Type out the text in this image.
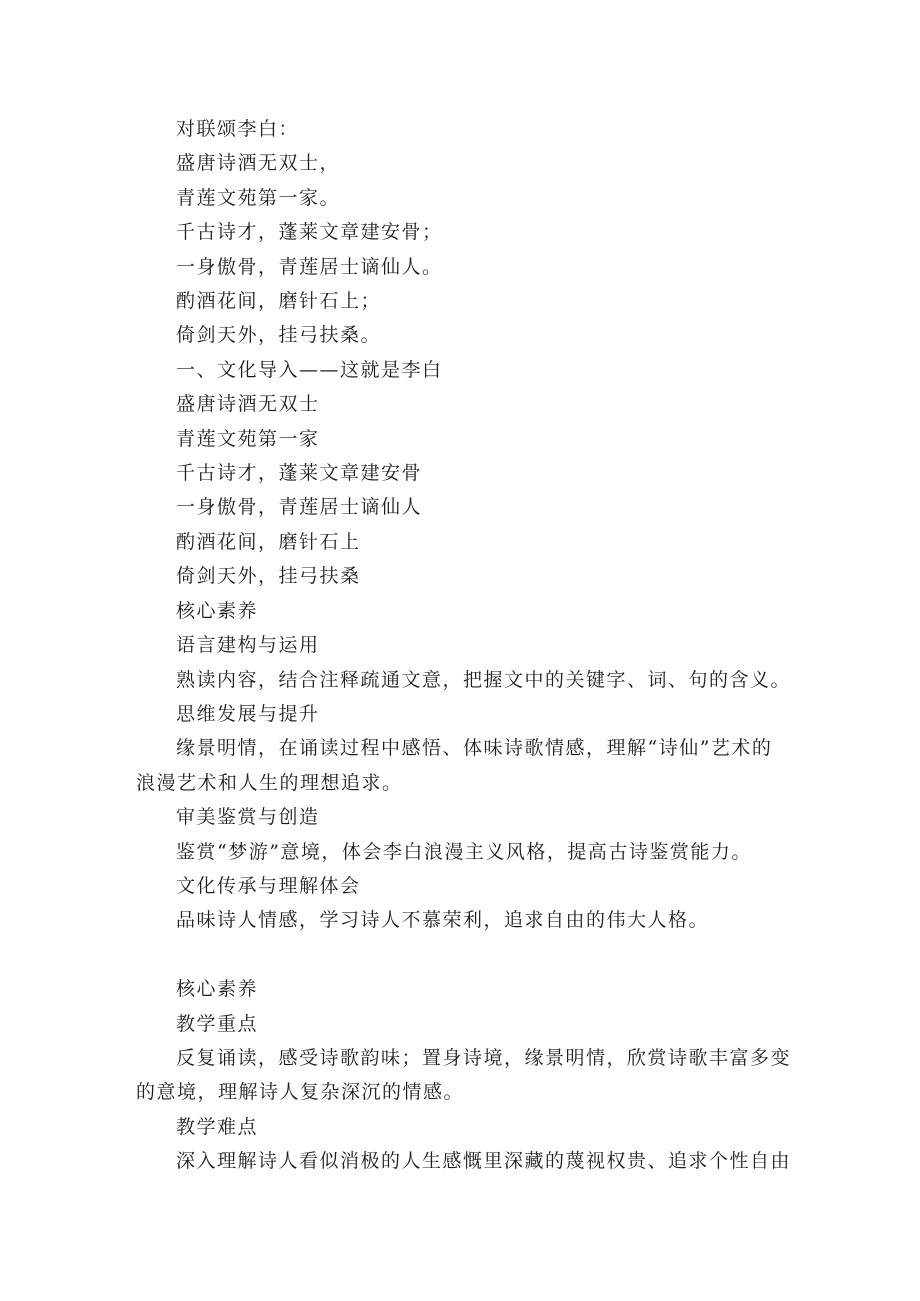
对联颂李白：

盛唐诗酒无双士，

青莲文苑第一家。

千古诗才，蓬莱文章建安骨；

一身傲骨，青莲居士谪仙人。

酌酒花间，磨针石上；

倚剑天外，挂弓扶桑。

一、文化导入——这就是李白

盛唐诗酒无双士

青莲文苑第一家

千古诗才，蓬莱文章建安骨

一身傲骨，青莲居士谪仙人

酌酒花间，磨针石上

倚剑天外，挂弓扶桑

核心素养

语言建构与运用

熟读内容，结合注释疏通文意，把握文中的关键字、词、句的含义。

思维发展与提升

缘景明情，在诵读过程中感悟、体味诗歌情感，理解“诗仙”艺术的

浪漫艺术和人生的理想追求。

审美鉴赏与创造

鉴赏“梦游”意境，体会李白浪漫主义风格，提高古诗鉴赏能力。

文化传承与理解体会

品味诗人情感，学习诗人不慕荣利，追求自由的伟大人格。

核心素养

教学重点

反复诵读，感受诗歌韵味；置身诗境，缘景明情，欣赏诗歌丰富多变

的意境，理解诗人复杂深沉的情感。

教学难点

深入理解诗人看似消极的人生感慨里深藏的蔑视权贵、追求个性自由
